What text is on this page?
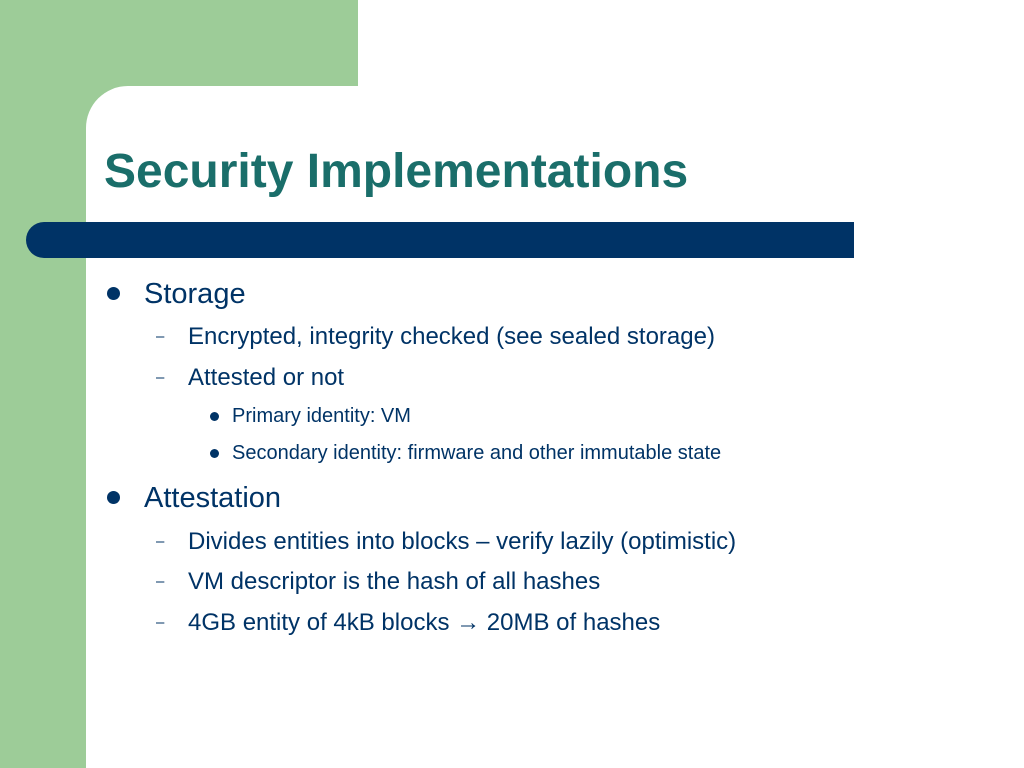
Security Implementations
Storage
– Encrypted, integrity checked (see sealed storage)
– Attested or not
Primary identity: VM
Secondary identity: firmware and other immutable state
Attestation
– Divides entities into blocks – verify lazily (optimistic)
– VM descriptor is the hash of all hashes
– 4GB entity of 4kB blocks → 20MB of hashes
